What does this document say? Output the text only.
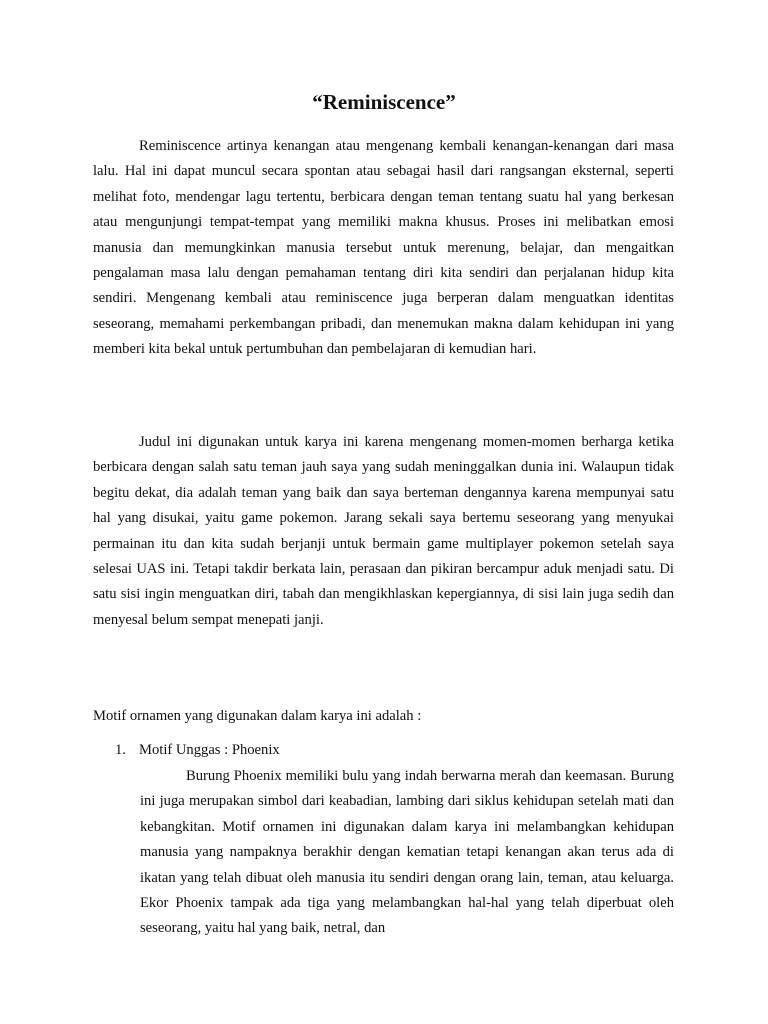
“Reminiscence”

Reminiscence artinya kenangan atau mengenang kembali kenangan-kenangan dari masa lalu. Hal ini dapat muncul secara spontan atau sebagai hasil dari rangsangan eksternal, seperti melihat foto, mendengar lagu tertentu, berbicara dengan teman tentang suatu hal yang berkesan atau mengunjungi tempat-tempat yang memiliki makna khusus. Proses ini melibatkan emosi manusia dan memungkinkan manusia tersebut untuk merenung, belajar, dan mengaitkan pengalaman masa lalu dengan pemahaman tentang diri kita sendiri dan perjalanan hidup kita sendiri. Mengenang kembali atau reminiscence juga berperan dalam menguatkan identitas seseorang, memahami perkembangan pribadi, dan menemukan makna dalam kehidupan ini yang memberi kita bekal untuk pertumbuhan dan pembelajaran di kemudian hari.

Judul ini digunakan untuk karya ini karena mengenang momen-momen berharga ketika berbicara dengan salah satu teman jauh saya yang sudah meninggalkan dunia ini. Walaupun tidak begitu dekat, dia adalah teman yang baik dan saya berteman dengannya karena mempunyai satu hal yang disukai, yaitu game pokemon. Jarang sekali saya bertemu seseorang yang menyukai permainan itu dan kita sudah berjanji untuk bermain game multiplayer pokemon setelah saya selesai UAS ini. Tetapi takdir berkata lain, perasaan dan pikiran bercampur aduk menjadi satu. Di satu sisi ingin menguatkan diri, tabah dan mengikhlaskan kepergiannya, di sisi lain juga sedih dan menyesal belum sempat menepati janji.

Motif ornamen yang digunakan dalam karya ini adalah :

1. Motif Unggas : Phoenix

Burung Phoenix memiliki bulu yang indah berwarna merah dan keemasan. Burung ini juga merupakan simbol dari keabadian, lambing dari siklus kehidupan setelah mati dan kebangkitan. Motif ornamen ini digunakan dalam karya ini melambangkan kehidupan manusia yang nampaknya berakhir dengan kematian tetapi kenangan akan terus ada di ikatan yang telah dibuat oleh manusia itu sendiri dengan orang lain, teman, atau keluarga. Ekor Phoenix tampak ada tiga yang melambangkan hal-hal yang telah diperbuat oleh seseorang, yaitu hal yang baik, netral, dan
